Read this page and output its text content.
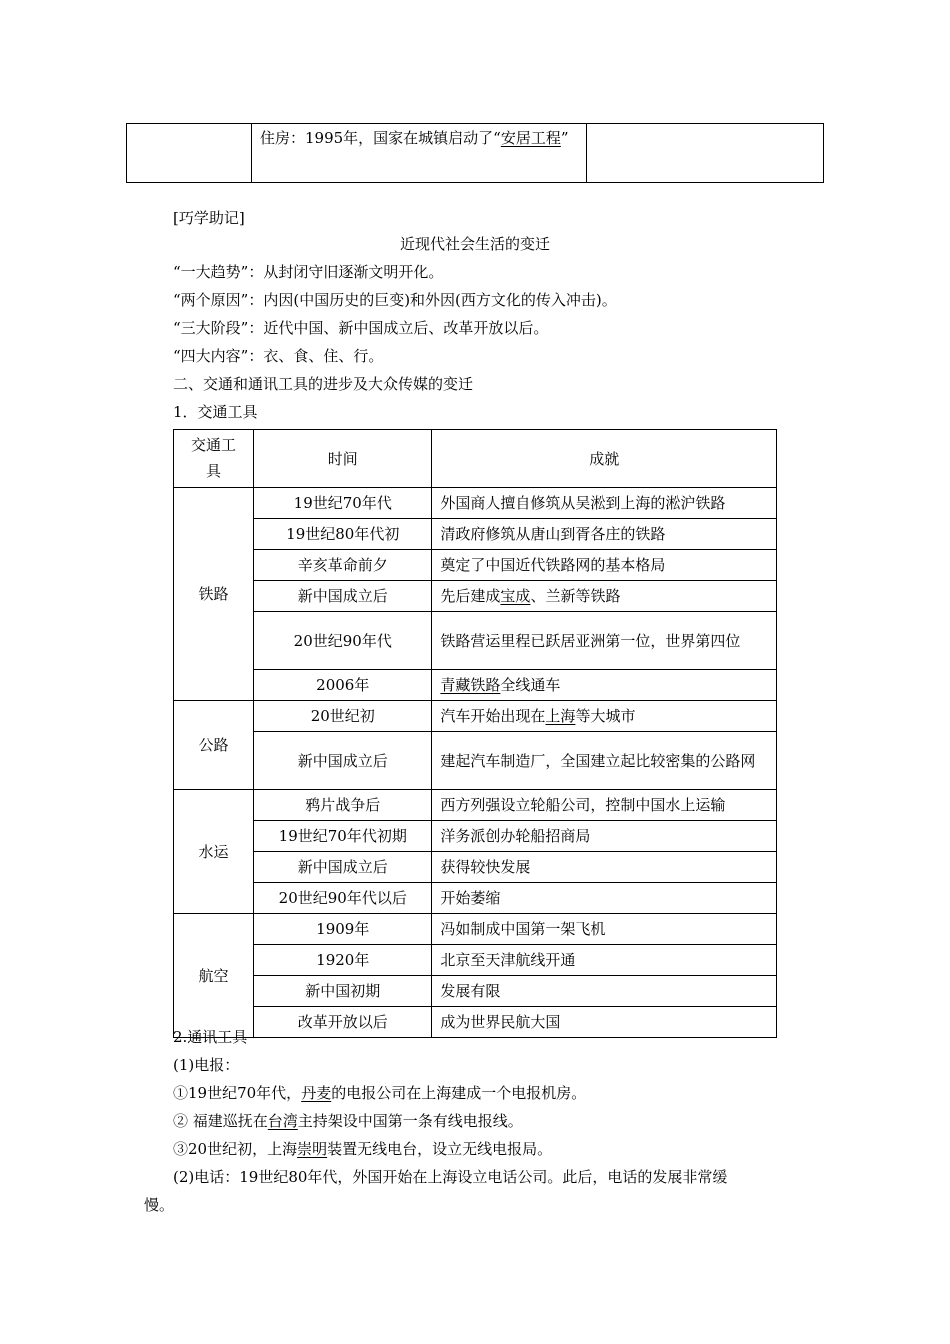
	住房：1995年，国家在城镇启动了“安居工程”	
[巧学助记]
近现代社会生活的变迁
“一大趋势”：从封闭守旧逐渐文明开化。
“两个原因”：内因(中国历史的巨变)和外因(西方文化的传入冲击)。
“三大阶段”：近代中国、新中国成立后、改革开放以后。
“四大内容”：衣、食、住、行。
二、交通和通讯工具的进步及大众传媒的变迁
1．交通工具
交通工具	时间	成就
铁路	19世纪70年代	外国商人擅自修筑从吴淞到上海的淞沪铁路
	19世纪80年代初	清政府修筑从唐山到胥各庄的铁路
	辛亥革命前夕	奠定了中国近代铁路网的基本格局
	新中国成立后	先后建成宝成、兰新等铁路
	20世纪90年代	铁路营运里程已跃居亚洲第一位，世界第四位
	2006年	青藏铁路全线通车
公路	20世纪初	汽车开始出现在上海等大城市
	新中国成立后	建起汽车制造厂，全国建立起比较密集的公路网
水运	鸦片战争后	西方列强设立轮船公司，控制中国水上运输
	19世纪70年代初期	洋务派创办轮船招商局
	新中国成立后	获得较快发展
	20世纪90年代以后	开始萎缩
航空	1909年	冯如制成中国第一架飞机
	1920年	北京至天津航线开通
	新中国初期	发展有限
	改革开放以后	成为世界民航大国
2.通讯工具
(1)电报：
①19世纪70年代，丹麦的电报公司在上海建成一个电报机房。
② 福建巡抚在台湾主持架设中国第一条有线电报线。
③20世纪初，上海崇明装置无线电台，设立无线电报局。
(2)电话：19世纪80年代，外国开始在上海设立电话公司。此后，电话的发展非常缓
慢。
